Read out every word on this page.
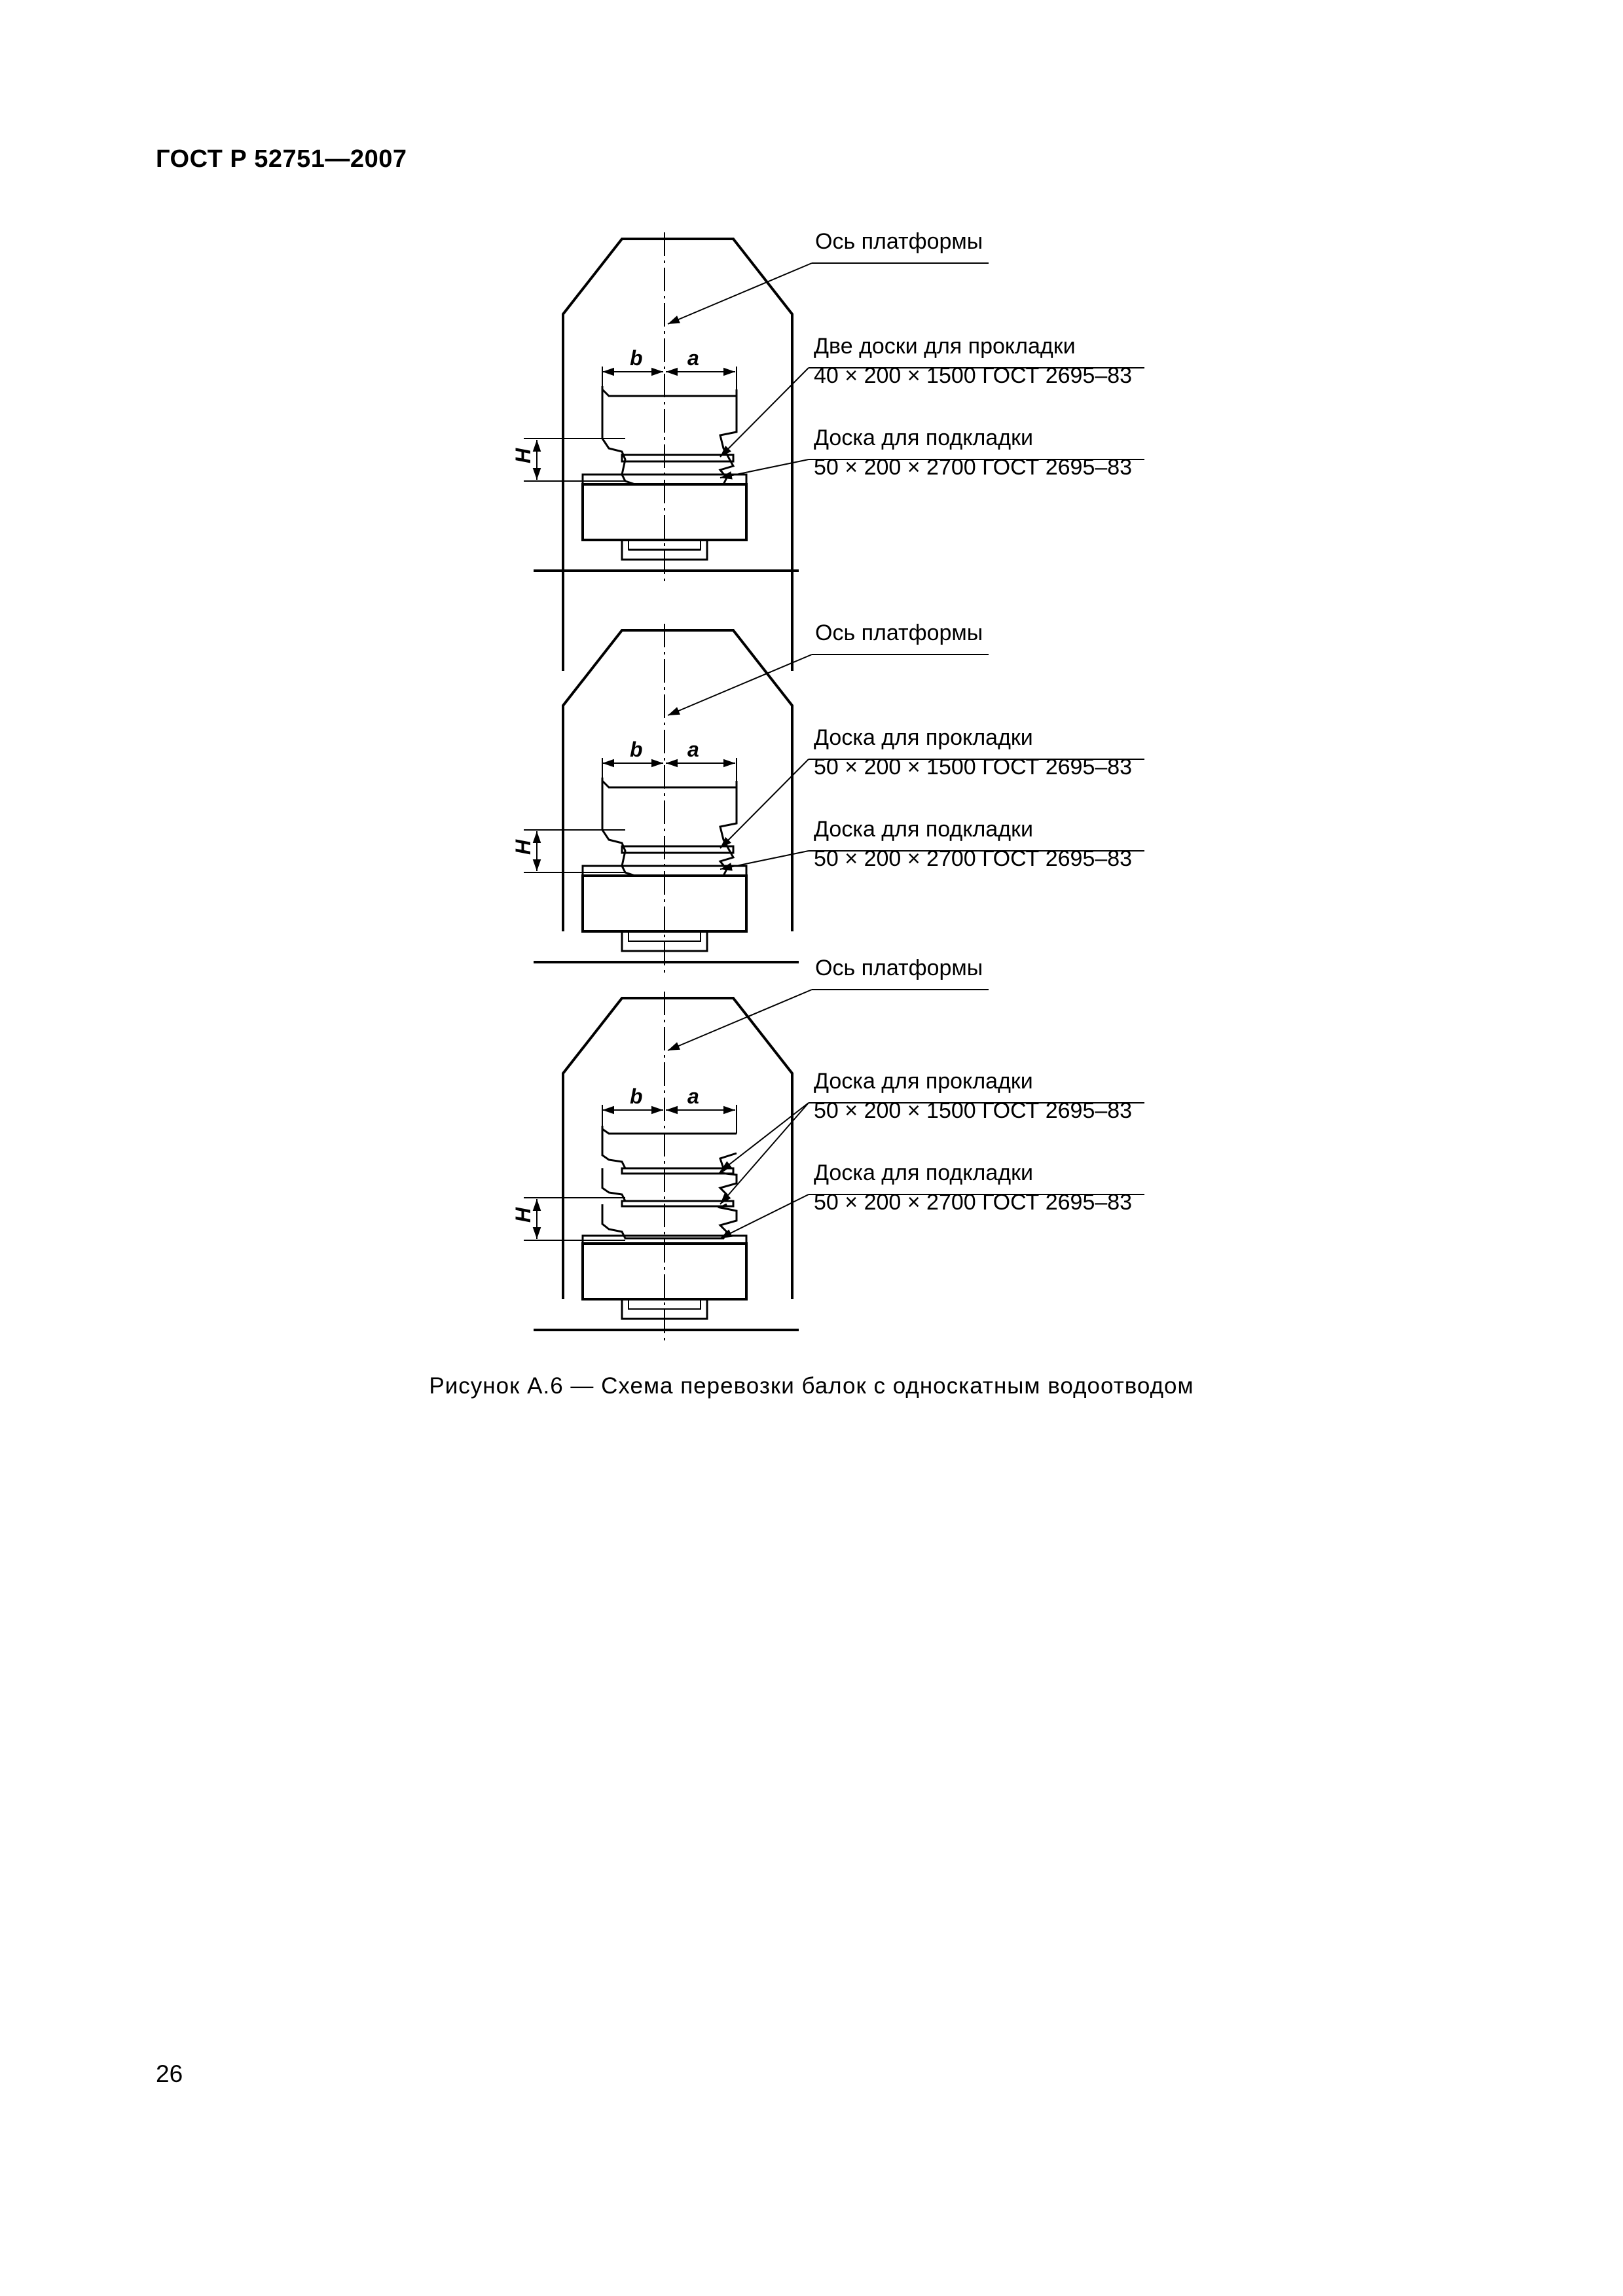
ГОСТ Р 52751—2007
b a
H
Ось платформы
Две доски для прокладки
40 × 200 × 1500 ГОСТ 2695–83
Доска для подкладки
50 × 200 × 2700 ГОСТ 2695–83
b a
H
Ось платформы
Доска для прокладки
50 × 200 × 1500 ГОСТ 2695–83
Доска для подкладки
50 × 200 × 2700 ГОСТ 2695–83
b a
H
Ось платформы
Доска для прокладки
50 × 200 × 1500 ГОСТ 2695–83
Доска для подкладки
50 × 200 × 2700 ГОСТ 2695–83
Рисунок А.6 — Схема перевозки балок с односкатным водоотводом
26
